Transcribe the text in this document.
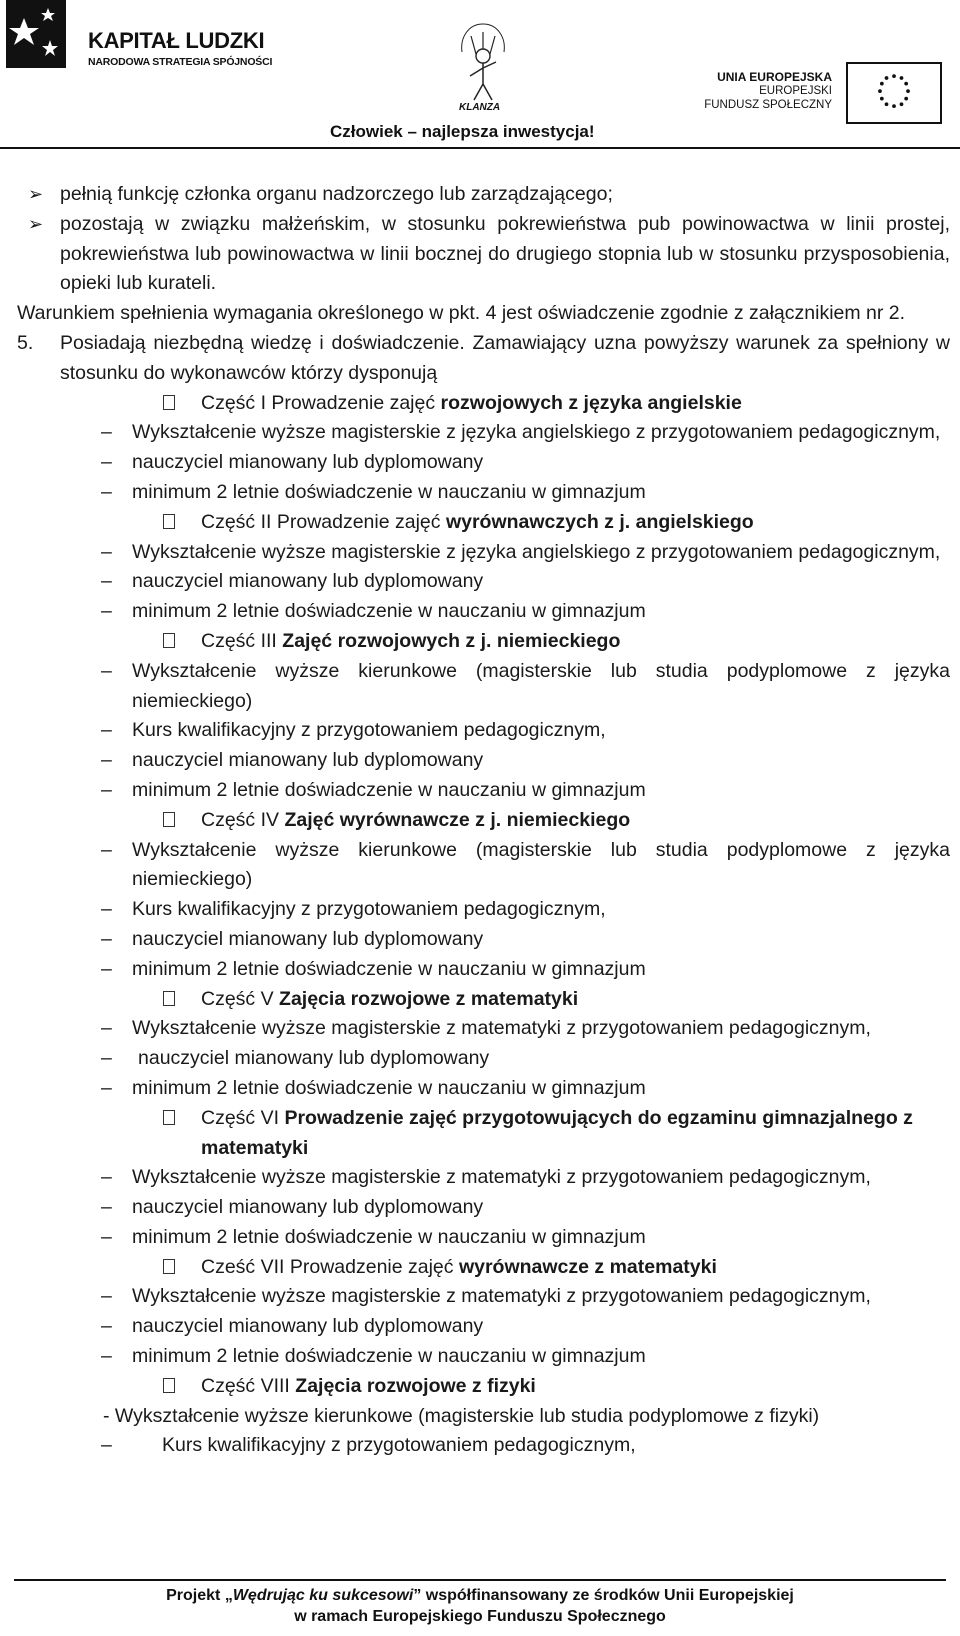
KAPITAŁ LUDZKI
NARODOWA STRATEGIA SPÓJNOŚCI
KLANZA
UNIA EUROPEJSKA
EUROPEJSKI
FUNDUSZ SPOŁECZNY
Człowiek – najlepsza inwestycja!
➢ pełnią funkcję członka organu nadzorczego lub zarządzającego;
➢ pozostają w związku małżeńskim, w stosunku pokrewieństwa pub powinowactwa w linii prostej, pokrewieństwa lub powinowactwa w linii bocznej do drugiego stopnia lub w stosunku przysposobienia, opieki lub kurateli.
Warunkiem spełnienia wymagania określonego w pkt. 4 jest oświadczenie zgodnie z załącznikiem nr 2.
5. Posiadają niezbędną wiedzę i doświadczenie. Zamawiający uzna powyższy warunek za spełniony w stosunku do wykonawców którzy dysponują
Część I Prowadzenie zajęć rozwojowych z języka angielskie
– Wykształcenie wyższe magisterskie z języka angielskiego z przygotowaniem pedagogicznym,
– nauczyciel mianowany lub dyplomowany
– minimum 2 letnie doświadczenie w nauczaniu w gimnazjum
Część II Prowadzenie zajęć wyrównawczych z j. angielskiego
– Wykształcenie wyższe magisterskie z języka angielskiego z przygotowaniem pedagogicznym,
– nauczyciel mianowany lub dyplomowany
– minimum 2 letnie doświadczenie w nauczaniu w gimnazjum
Część III Zajęć rozwojowych z j. niemieckiego
– Wykształcenie wyższe kierunkowe (magisterskie lub studia podyplomowe z języka niemieckiego)
– Kurs kwalifikacyjny z przygotowaniem pedagogicznym,
– nauczyciel mianowany lub dyplomowany
– minimum 2 letnie doświadczenie w nauczaniu w gimnazjum
Część IV Zajęć wyrównawcze z j. niemieckiego
– Wykształcenie wyższe kierunkowe (magisterskie lub studia podyplomowe z języka niemieckiego)
– Kurs kwalifikacyjny z przygotowaniem pedagogicznym,
– nauczyciel mianowany lub dyplomowany
– minimum 2 letnie doświadczenie w nauczaniu w gimnazjum
Część V Zajęcia rozwojowe z matematyki
– Wykształcenie wyższe magisterskie z matematyki z przygotowaniem pedagogicznym,
– nauczyciel mianowany lub dyplomowany
– minimum 2 letnie doświadczenie w nauczaniu w gimnazjum
Część VI Prowadzenie zajęć przygotowujących do egzaminu gimnazjalnego z matematyki
– Wykształcenie wyższe magisterskie z matematyki z przygotowaniem pedagogicznym,
– nauczyciel mianowany lub dyplomowany
– minimum 2 letnie doświadczenie w nauczaniu w gimnazjum
Cześć VII Prowadzenie zajęć wyrównawcze z matematyki
– Wykształcenie wyższe magisterskie z matematyki z przygotowaniem pedagogicznym,
– nauczyciel mianowany lub dyplomowany
– minimum 2 letnie doświadczenie w nauczaniu w gimnazjum
Część VIII Zajęcia rozwojowe z fizyki
- Wykształcenie wyższe kierunkowe (magisterskie lub studia podyplomowe z fizyki)
–	Kurs kwalifikacyjny z przygotowaniem pedagogicznym,
Projekt „Wędrując ku sukcesowi” współfinansowany ze środków Unii Europejskiej
w ramach Europejskiego Funduszu Społecznego
